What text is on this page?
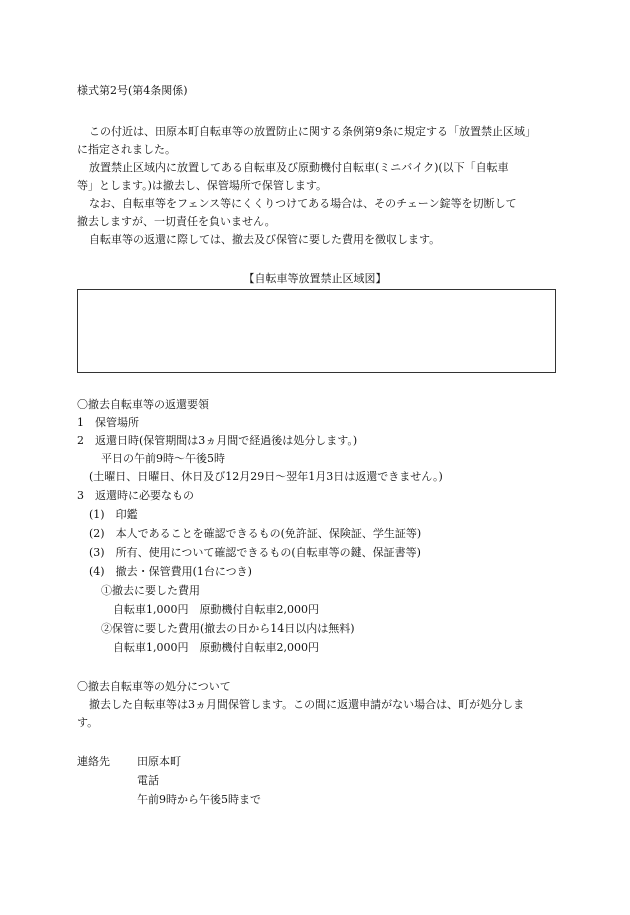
様式第2号(第4条関係)
この付近は、田原本町自転車等の放置防止に関する条例第9条に規定する「放置禁止区域」
に指定されました。
放置禁止区域内に放置してある自転車及び原動機付自転車(ミニバイク)(以下「自転車
等」とします。)は撤去し、保管場所で保管します。
なお、自転車等をフェンス等にくくりつけてある場合は、そのチェーン錠等を切断して
撤去しますが、一切責任を負いません。
自転車等の返還に際しては、撤去及び保管に要した費用を徴収します。
【自転車等放置禁止区域図】
〇撤去自転車等の返還要領
1　保管場所
2　返還日時(保管期間は3ヵ月間で経過後は処分します。)
平日の午前9時～午後5時
(土曜日、日曜日、休日及び12月29日～翌年1月3日は返還できません。)
3　返還時に必要なもの
(1)　印鑑
(2)　本人であることを確認できるもの(免許証、保険証、学生証等)
(3)　所有、使用について確認できるもの(自転車等の鍵、保証書等)
(4)　撤去・保管費用(1台につき)
①撤去に要した費用
自転車1,000円　原動機付自転車2,000円
②保管に要した費用(撤去の日から14日以内は無料)
自転車1,000円　原動機付自転車2,000円
〇撤去自転車等の処分について
撤去した自転車等は3ヵ月間保管します。この間に返還申請がない場合は、町が処分しま
す。
連絡先 田原本町
電話
午前9時から午後5時まで
